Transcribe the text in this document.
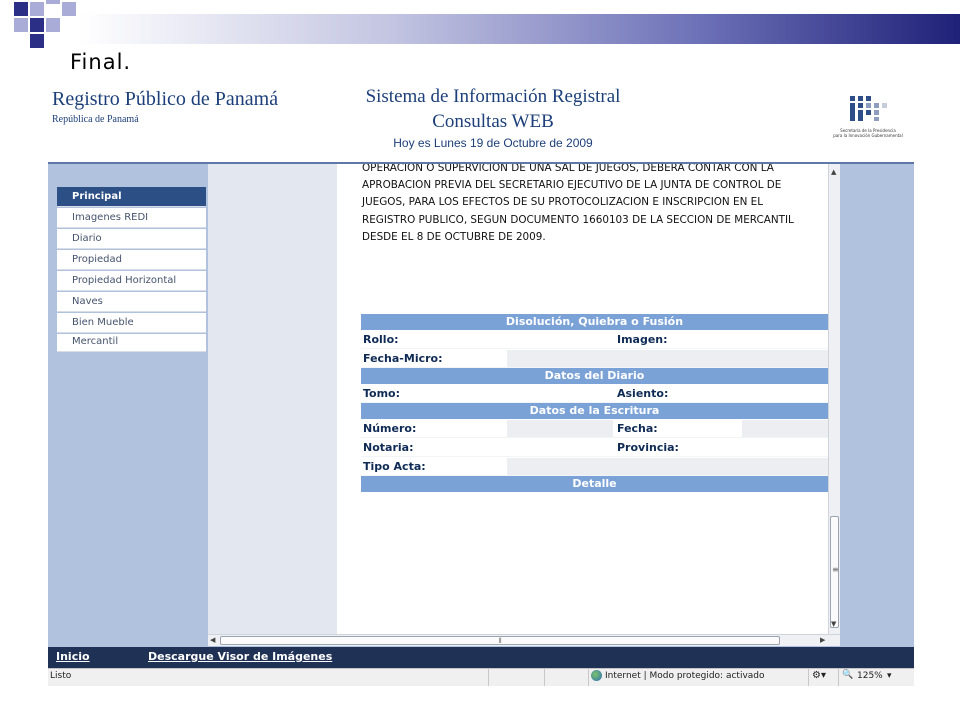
Final.
Registro Público de Panamá
República de Panamá
Sistema de Información Registral
Consultas WEB
Hoy es Lunes 19 de Octubre de 2009
Secretaría de la Presidencia
para la Innovación Gubernamental
Principal
Imagenes REDI
Diario
Propiedad
Propiedad Horizontal
Naves
Bien Mueble
Mercantil
OPERACION O SUPERVICION DE UNA SAL DE JUEGOS, DEBERA CONTAR CON LA
APROBACION PREVIA DEL SECRETARIO EJECUTIVO DE LA JUNTA DE CONTROL DE
JUEGOS, PARA LOS EFECTOS DE SU PROTOCOLIZACION E INSCRIPCION EN EL
REGISTRO PUBLICO, SEGUN DOCUMENTO 1660103 DE LA SECCION DE MERCANTIL
DESDE EL 8 DE OCTUBRE DE 2009.
Disolución, Quiebra o Fusión
Rollo:	Imagen:
Fecha-Micro:
Datos del Diario
Tomo:	Asiento:
Datos de la Escritura
Número:	Fecha:
Notaria:	Provincia:
Tipo Acta:
Detalle
▲
≡
▼
◀	⦀	▶
Inicio	Descargue Visor de Imágenes
Listo	Internet | Modo protegido: activado	⚙▾ 🔍 125% ▾
